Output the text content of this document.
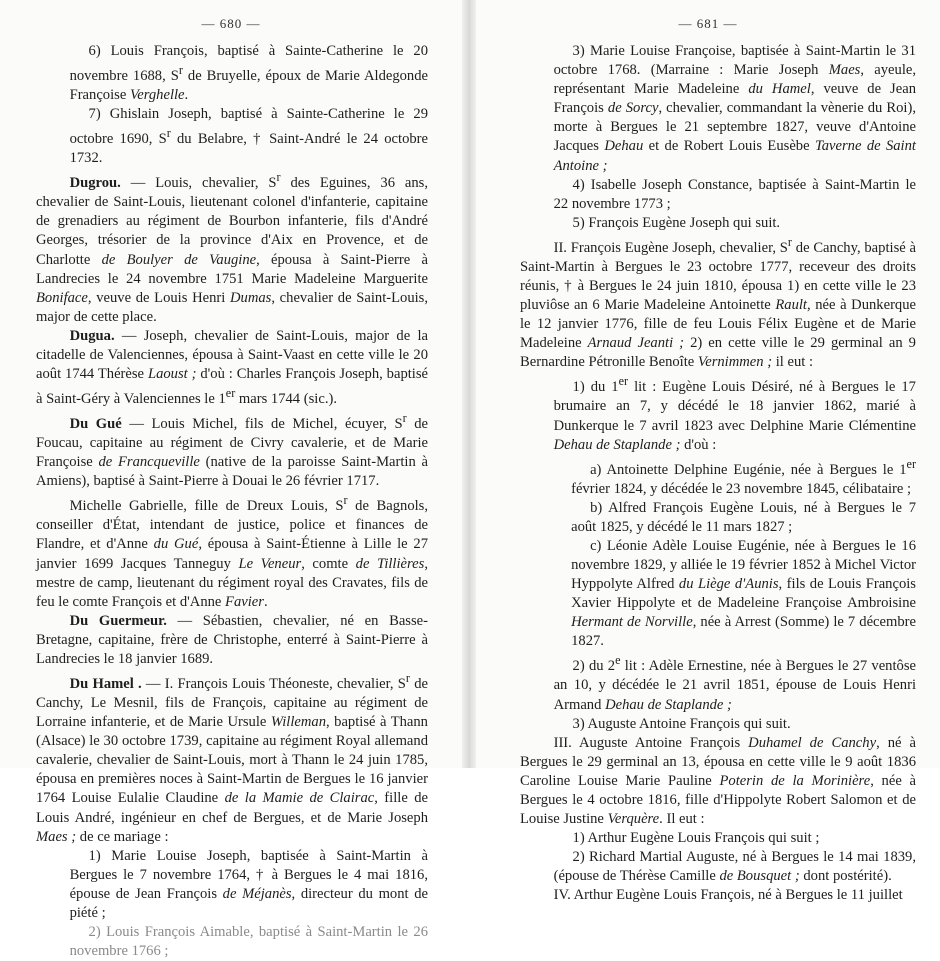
— 680 —

6) Louis François, baptisé à Sainte-Catherine le 20 novembre 1688, $S^r$ de Bruyelle, époux de Marie Aldegonde Françoise Verghelle.

7) Ghislain Joseph, baptisé à Sainte-Catherine le 29 octobre 1690, $S^r$ du Belabre, † Saint-André le 24 octobre 1732.

Dugrou. — Louis, chevalier, $S^r$ des Eguines, 36 ans, chevalier de Saint-Louis, lieutenant colonel d'infanterie, capitaine de grenadiers au régiment de Bourbon infanterie, fils d'André Georges, trésorier de la province d'Aix en Provence, et de Charlotte de Boulyer de Vaugine, épousa à Saint-Pierre à Landrecies le 24 novembre 1751 Marie Madeleine Marguerite Boniface, veuve de Louis Henri Dumas, chevalier de Saint-Louis, major de cette place.

Dugua. — Joseph, chevalier de Saint-Louis, major de la citadelle de Valenciennes, épousa à Saint-Vaast en cette ville le 20 août 1744 Thérèse Laoust ; d'où : Charles François Joseph, baptisé à Saint-Géry à Valenciennes le 1er mars 1744 (sic.).

Du Gué — Louis Michel, fils de Michel, écuyer, $S^r$ de Foucau, capitaine au régiment de Civry cavalerie, et de Marie Françoise de Francqueville (native de la paroisse Saint-Martin à Amiens), baptisé à Saint-Pierre à Douai le 26 février 1717.

Michelle Gabrielle, fille de Dreux Louis, $S^r$ de Bagnols, conseiller d'État, intendant de justice, police et finances de Flandre, et d'Anne du Gué, épousa à Saint-Étienne à Lille le 27 janvier 1699 Jacques Tanneguy Le Veneur, comte de Tillières, mestre de camp, lieutenant du régiment royal des Cravates, fils de feu le comte François et d'Anne Favier.

Du Guermeur. — Sébastien, chevalier, né en Basse-Bretagne, capitaine, frère de Christophe, enterré à Saint-Pierre à Landrecies le 18 janvier 1689.

Du Hamel . — I. François Louis Théoneste, chevalier, $S^r$ de Canchy, Le Mesnil, fils de François, capitaine au régiment de Lorraine infanterie, et de Marie Ursule Willeman, baptisé à Thann (Alsace) le 30 octobre 1739, capitaine au régiment Royal allemand cavalerie, chevalier de Saint-Louis, mort à Thann le 24 juin 1785, épousa en premières noces à Saint-Martin de Bergues le 16 janvier 1764 Louise Eulalie Claudine de la Mamie de Clairac, fille de Louis André, ingénieur en chef de Bergues, et de Marie Joseph Maes ; de ce mariage :

1) Marie Louise Joseph, baptisée à Saint-Martin à Bergues le 7 novembre 1764, † à Bergues le 4 mai 1816, épouse de Jean François de Méjanès, directeur du mont de piété ;

2) Louis François Aimable, baptisé à Saint-Martin le 26 novembre 1766 ;

— 681 —

3) Marie Louise Françoise, baptisée à Saint-Martin le 31 octobre 1768. (Marraine : Marie Joseph Maes, ayeule, représentant Marie Madeleine du Hamel, veuve de Jean François de Sorcy, chevalier, commandant la vènerie du Roi), morte à Bergues le 21 septembre 1827, veuve d'Antoine Jacques Dehau et de Robert Louis Eusèbe Taverne de Saint Antoine ;

4) Isabelle Joseph Constance, baptisée à Saint-Martin le 22 novembre 1773 ;

5) François Eugène Joseph qui suit.

II. François Eugène Joseph, chevalier, $S^r$ de Canchy, baptisé à Saint-Martin à Bergues le 23 octobre 1777, receveur des droits réunis, † à Bergues le 24 juin 1810, épousa 1) en cette ville le 23 pluviôse an 6 Marie Madeleine Antoinette Rault, née à Dunkerque le 12 janvier 1776, fille de feu Louis Félix Eugène et de Marie Madeleine Arnaud Jeanti ; 2) en cette ville le 29 germinal an 9 Bernardine Pétronille Benoîte Vernimmen ; il eut :

1) du 1er lit : Eugène Louis Désiré, né à Bergues le 17 brumaire an 7, y décédé le 18 janvier 1862, marié à Dunkerque le 7 avril 1823 avec Delphine Marie Clémentine Dehau de Staplande ; d'où :

a) Antoinette Delphine Eugénie, née à Bergues le 1er février 1824, y décédée le 23 novembre 1845, célibataire ;

b) Alfred François Eugène Louis, né à Bergues le 7 août 1825, y décédé le 11 mars 1827 ;

c) Léonie Adèle Louise Eugénie, née à Bergues le 16 novembre 1829, y alliée le 19 février 1852 à Michel Victor Hyppolyte Alfred du Liège d'Aunis, fils de Louis François Xavier Hippolyte et de Madeleine Françoise Ambroisine Hermant de Norville, née à Arrest (Somme) le 7 décembre 1827.

2) du 2e lit : Adèle Ernestine, née à Bergues le 27 ventôse an 10, y décédée le 21 avril 1851, épouse de Louis Henri Armand Dehau de Staplande ;

3) Auguste Antoine François qui suit.

III. Auguste Antoine François Duhamel de Canchy, né à Bergues le 29 germinal an 13, épousa en cette ville le 9 août 1836 Caroline Louise Marie Pauline Poterin de la Morinière, née à Bergues le 4 octobre 1816, fille d'Hippolyte Robert Salomon et de Louise Justine Verquère. Il eut :

1) Arthur Eugène Louis François qui suit ;

2) Richard Martial Auguste, né à Bergues le 14 mai 1839, (épouse de Thérèse Camille de Bousquet ; dont postérité).

IV. Arthur Eugène Louis François, né à Bergues le 11 juillet
